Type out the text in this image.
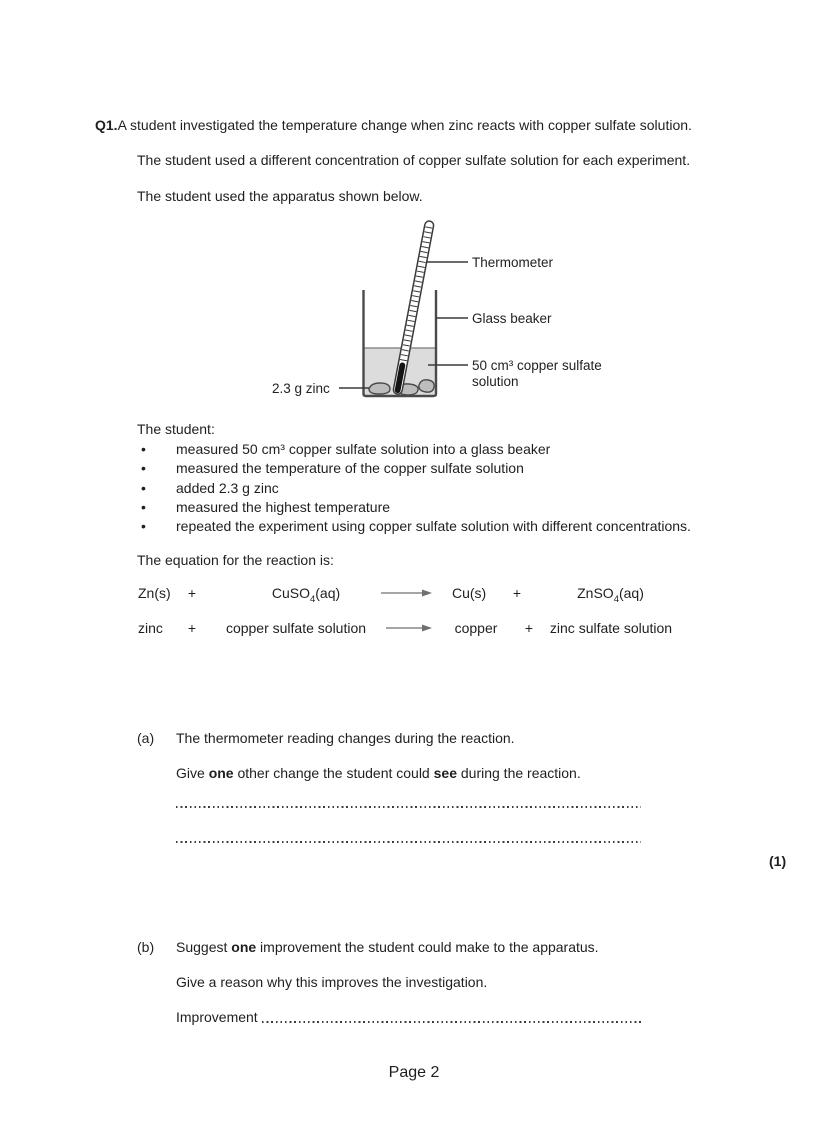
Q1.A student investigated the temperature change when zinc reacts with copper sulfate solution.

The student used a different concentration of copper sulfate solution for each experiment.

The student used the apparatus shown below.

Thermometer
Glass beaker
50 cm³ copper sulfate
solution
2.3 g zinc

The student:

•	measured 50 cm³ copper sulfate solution into a glass beaker
•	measured the temperature of the copper sulfate solution
•	added 2.3 g zinc
•	measured the highest temperature
•	repeated the experiment using copper sulfate solution with different concentrations.

The equation for the reaction is:

Zn(s) +	CuSO$_4$(aq)	→ Cu(s) +	ZnSO$_4$(aq)
zinc +	copper sulfate solution	→	copper	+	zinc sulfate solution
(a) The thermometer reading changes during the reaction.

Give one other change the student could see during the reaction.

(1)
(b) Suggest one improvement the student could make to the apparatus.

Give a reason why this improves the investigation.

Improvement
Page 2
